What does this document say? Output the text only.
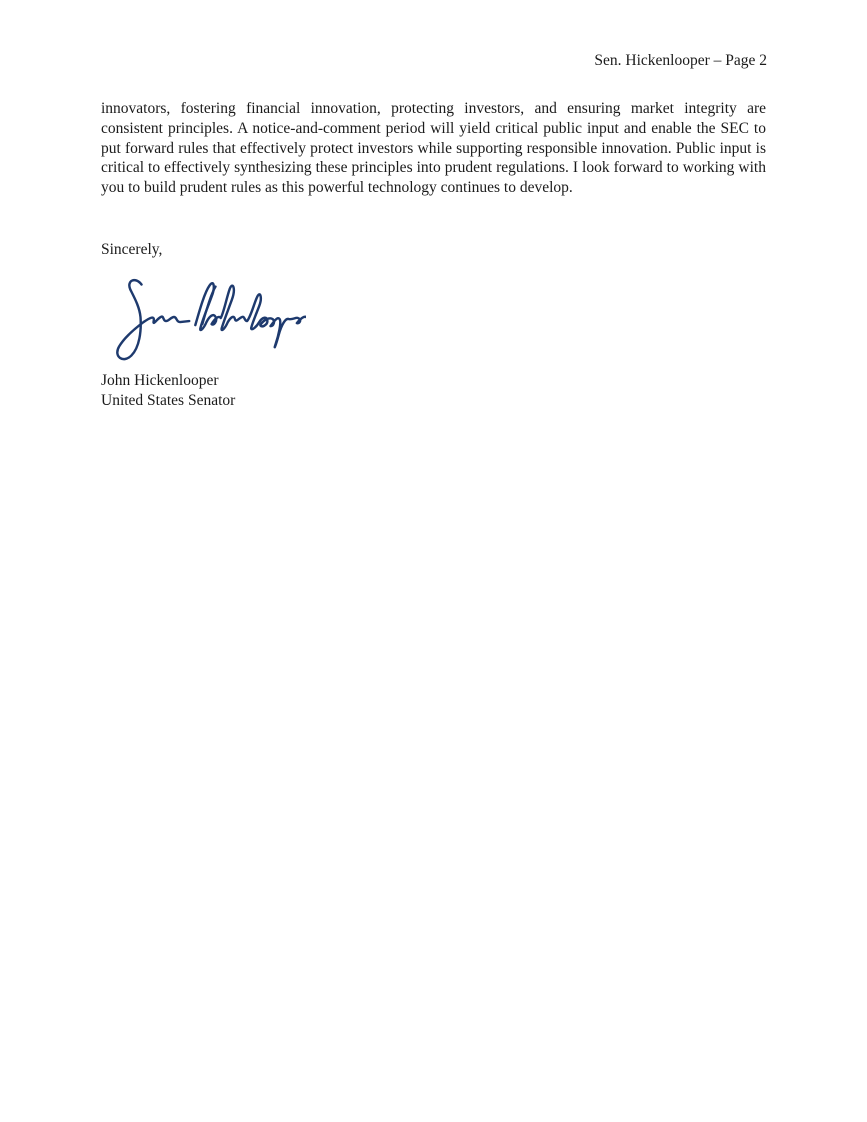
Sen. Hickenlooper – Page 2

innovators, fostering financial innovation, protecting investors, and ensuring market integrity are consistent principles. A notice-and-comment period will yield critical public input and enable the SEC to put forward rules that effectively protect investors while supporting responsible innovation. Public input is critical to effectively synthesizing these principles into prudent regulations. I look forward to working with you to build prudent rules as this powerful technology continues to develop.

Sincerely,
John Hickenlooper
United States Senator
